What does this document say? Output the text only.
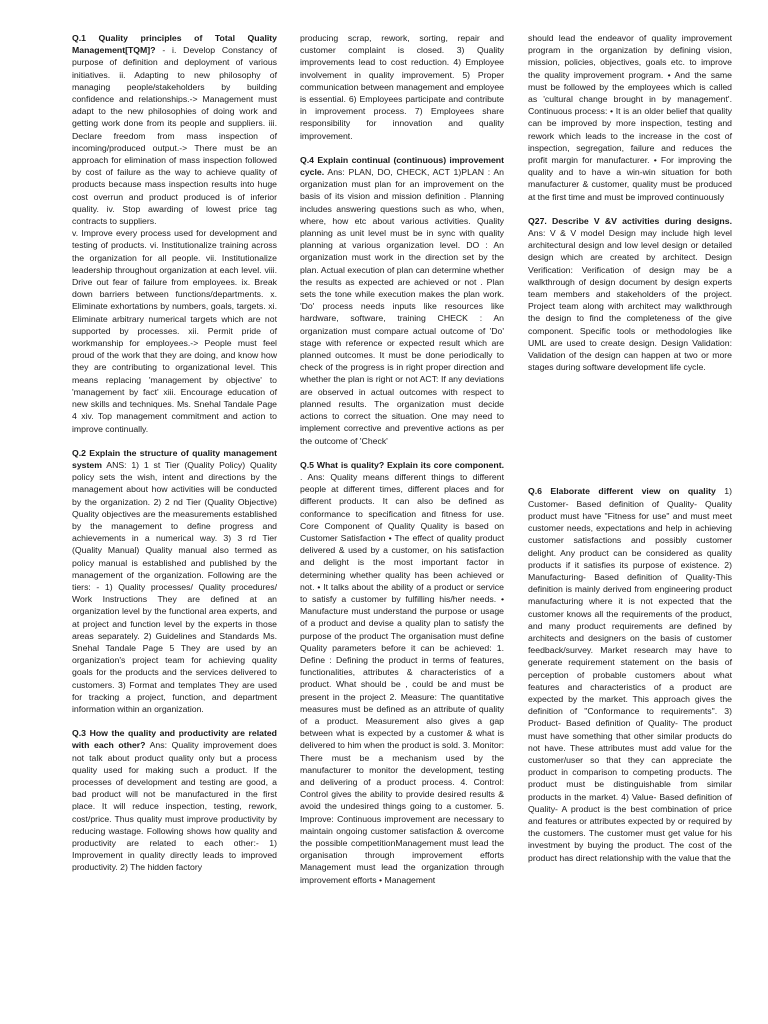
Q.1 Quality principles of Total Quality Management[TQM]? - i. Develop Constancy of purpose of definition and deployment of various initiatives. ii. Adapting to new philosophy of managing people/stakeholders by building confidence and relationships.-> Management must adapt to the new philosophies of doing work and getting work done from its people and suppliers. iii. Declare freedom from mass inspection of incoming/produced output.-> There must be an approach for elimination of mass inspection followed by cost of failure as the way to achieve quality of products because mass inspection results into huge cost overrun and product produced is of inferior quality. iv. Stop awarding of lowest price tag contracts to suppliers.

v. Improve every process used for development and testing of products. vi. Institutionalize training across the organization for all people. vii. Institutionalize leadership throughout organization at each level. viii. Drive out fear of failure from employees. ix. Break down barriers between functions/departments. x. Eliminate exhortations by numbers, goals, targets. xi. Eliminate arbitrary numerical targets which are not supported by processes. xii. Permit pride of workmanship for employees.-> People must feel proud of the work that they are doing, and know how they are contributing to organizational level. This means replacing 'management by objective' to 'management by fact' xiii. Encourage education of new skills and techniques. Ms. Snehal Tandale Page 4 xiv. Top management commitment and action to improve continually.

Q.2 Explain the structure of quality management system ANS: 1) 1 st Tier (Quality Policy) Quality policy sets the wish, intent and directions by the management about how activities will be conducted by the organization. 2) 2 nd Tier (Quality Objective) Quality objectives are the measurements established by the management to define progress and achievements in a numerical way. 3) 3 rd Tier (Quality Manual) Quality manual also termed as policy manual is established and published by the management of the organization. Following are the tiers: - 1) Quality processes/ Quality procedures/ Work Instructions They are defined at an organization level by the functional area experts, and at project and function level by the experts in those areas separately. 2) Guidelines and Standards Ms. Snehal Tandale Page 5 They are used by an organization's project team for achieving quality goals for the products and the services delivered to customers. 3) Format and templates They are used for tracking a project, function, and department information within an organization.

Q.3 How the quality and productivity are related with each other? Ans: Quality improvement does not talk about product quality only but a process quality used for making such a product. If the processes of development and testing are good, a bad product will not be manufactured in the first place. It will reduce inspection, testing, rework, cost/price. Thus quality must improve productivity by reducing wastage. Following shows how quality and productivity are related to each other:- 1) Improvement in quality directly leads to improved productivity. 2) The hidden factory

producing scrap, rework, sorting, repair and customer complaint is closed. 3) Quality improvements lead to cost reduction. 4) Employee involvement in quality improvement. 5) Proper communication between management and employee is essential. 6) Employees participate and contribute in improvement process. 7) Employees share responsibility for innovation and quality improvement.

Q.4 Explain continual (continuous) improvement cycle. Ans: PLAN, DO, CHECK, ACT 1)PLAN : An organization must plan for an improvement on the basis of its vision and mission definition . Planning includes answering questions such as who, when, where, how etc about various activities. Quality planning as unit level must be in sync with quality planning at various organization level. DO : An organization must work in the direction set by the plan. Actual execution of plan can determine whether the results as expected are achieved or not . Plan sets the tone while execution makes the plan work. 'Do' process needs inputs like resources like hardware, software, training CHECK : An organization must compare actual outcome of 'Do' stage with reference or expected result which are planned outcomes. It must be done periodically to check of the progress is in right proper direction and whether the plan is right or not ACT: If any deviations are observed in actual outcomes with respect to planned results. The organization must decide actions to correct the situation. One may need to implement corrective and preventive actions as per the outcome of 'Check'

Q.5 What is quality? Explain its core component. . Ans: Quality means different things to different people at different times, different places and for different products. It can also be defined as conformance to specification and fitness for use. Core Component of Quality Quality is based on Customer Satisfaction • The effect of quality product delivered & used by a customer, on his satisfaction and delight is the most important factor in determining whether quality has been achieved or not. • It talks about the ability of a product or service to satisfy a customer by fulfilling his/her needs. • Manufacture must understand the purpose or usage of a product and devise a quality plan to satisfy the purpose of the product The organisation must define Quality parameters before it can be achieved: 1. Define : Defining the product in terms of features, functionalities, attributes & characteristics of a product. What should be , could be and must be present in the project 2. Measure: The quantitative measures must be defined as an attribute of quality of a product. Measurement also gives a gap between what is expected by a customer & what is delivered to him when the product is sold. 3. Monitor: There must be a mechanism used by the manufacturer to monitor the development, testing and delivering of a product process. 4. Control: Control gives the ability to provide desired results & avoid the undesired things going to a customer. 5. Improve: Continuous improvement are necessary to maintain ongoing customer satisfaction & overcome the possible competitionManagement must lead the organisation through improvement efforts Management must lead the organization through improvement efforts • Management

should lead the endeavor of quality improvement program in the organization by defining vision, mission, policies, objectives, goals etc. to improve the quality improvement program. • And the same must be followed by the employees which is called as 'cultural change brought in by management'. Continuous process: • It is an older belief that quality can be improved by more inspection, testing and rework which leads to the increase in the cost of inspection, segregation, failure and reduces the profit margin for manufacturer. • For improving the quality and to have a win-win situation for both manufacturer & customer, quality must be produced at the first time and must be improved continuously

Q27. Describe V &V activities during designs. Ans: V & V model Design may include high level architectural design and low level design or detailed design which are created by architect. Design Verification: Verification of design may be a walkthrough of design document by design experts team members and stakeholders of the project. Project team along with architect may walkthrough the design to find the completeness of the give component. Specific tools or methodologies like UML are used to create design. Design Validation: Validation of the design can happen at two or more stages during software development life cycle.

Q.6 Elaborate different view on quality 1) Customer- Based definition of Quality- Quality product must have "Fitness for use" and must meet customer needs, expectations and help in achieving customer satisfactions and possibly customer delight. Any product can be considered as quality products if it satisfies its purpose of existence. 2) Manufacturing- Based definition of Quality-This definition is mainly derived from engineering product manufacturing where it is not expected that the customer knows all the requirements of the product, and many product requirements are defined by architects and designers on the basis of customer feedback/survey. Market research may have to generate requirement statement on the basis of perception of probable customers about what features and characteristics of a product are expected by the market. This approach gives the definition of "Conformance to requirements". 3) Product- Based definition of Quality- The product must have something that other similar products do not have. These attributes must add value for the customer/user so that they can appreciate the product in comparison to competing products. The product must be distinguishable from similar products in the market. 4) Value- Based definition of Quality- A product is the best combination of price and features or attributes expected by or required by the customers. The customer must get value for his investment by buying the product. The cost of the product has direct relationship with the value that the
